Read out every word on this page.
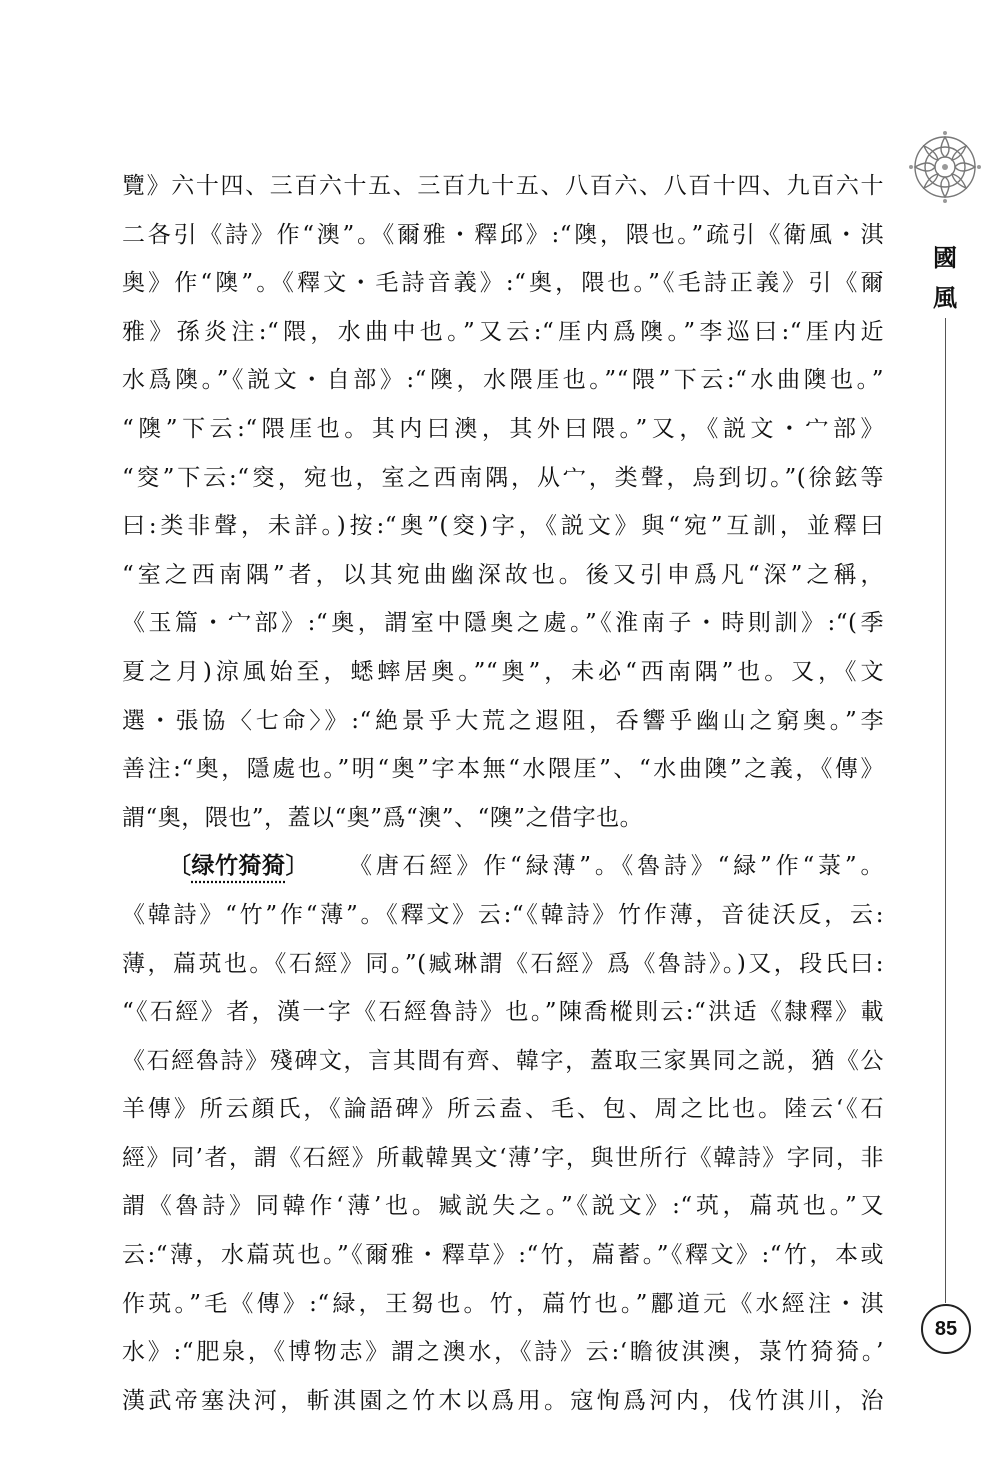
國風
85
覽》六十四、三百六十五、三百九十五、八百六、八百十四、九百六十
二各引《詩》作“澳”。《爾雅・釋邱》:“隩，隈也。”疏引《衛風・淇
奥》作“隩”。《釋文・毛詩音義》:“奥，隈也。”《毛詩正義》引《爾
雅》孫炎注:“隈，水曲中也。”又云:“厓内爲隩。”李巡曰:“厓内近
水爲隩。”《説文・自部》:“隩，水隈厓也。”“隈”下云:“水曲隩也。”
“隩”下云:“隈厓也。其内曰澳，其外曰隈。”又，《説文・宀部》
“窔”下云:“窔，宛也，室之西南隅，从宀，类聲，烏到切。”(徐鉉等
曰:类非聲，未詳。)按:“奥”(窔)字，《説文》與“宛”互訓，並釋曰
“室之西南隅”者，以其宛曲幽深故也。後又引申爲凡“深”之稱，
《玉篇・宀部》:“奥，謂室中隱奥之處。”《淮南子・時則訓》:“(季
夏之月)涼風始至，蟋蟀居奥。”“奥”，未必“西南隅”也。又，《文
選・張協〈七命〉》:“絶景乎大荒之遐阻，呑響乎幽山之窮奥。”李
善注:“奥，隱處也。”明“奥”字本無“水隈厓”、“水曲隩”之義，《傳》
謂“奥，隈也”，蓋以“奥”爲“澳”、“隩”之借字也。
〔绿竹猗猗〕 《唐石經》作“緑薄”。《魯詩》“緑”作“菉”。
《韓詩》“竹”作“薄”。《釋文》云:“《韓詩》竹作薄，音徒沃反，云:
薄，萹茿也。《石經》同。”(臧琳謂《石經》爲《魯詩》。)又，段氏曰:
“《石經》者，漢一字《石經魯詩》也。”陳喬樅則云:“洪适《隸釋》載
《石經魯詩》殘碑文，言其間有齊、韓字，蓋取三家異同之説，猶《公
羊傳》所云顔氏，《論語碑》所云盍、毛、包、周之比也。陸云‘《石
經》同’者，謂《石經》所載韓異文‘薄’字，與世所行《韓詩》字同，非
謂《魯詩》同韓作‘薄’也。臧説失之。”《説文》:“茿，萹茿也。”又
云:“薄，水萹茿也。”《爾雅・釋草》:“竹，萹蓄。”《釋文》:“竹，本或
作茿。”毛《傳》:“緑，王芻也。竹，萹竹也。”酈道元《水經注・淇
水》:“肥泉，《博物志》謂之澳水，《詩》云:‘瞻彼淇澳，菉竹猗猗。’
漢武帝塞決河，斬淇園之竹木以爲用。寇恂爲河内，伐竹淇川，治
